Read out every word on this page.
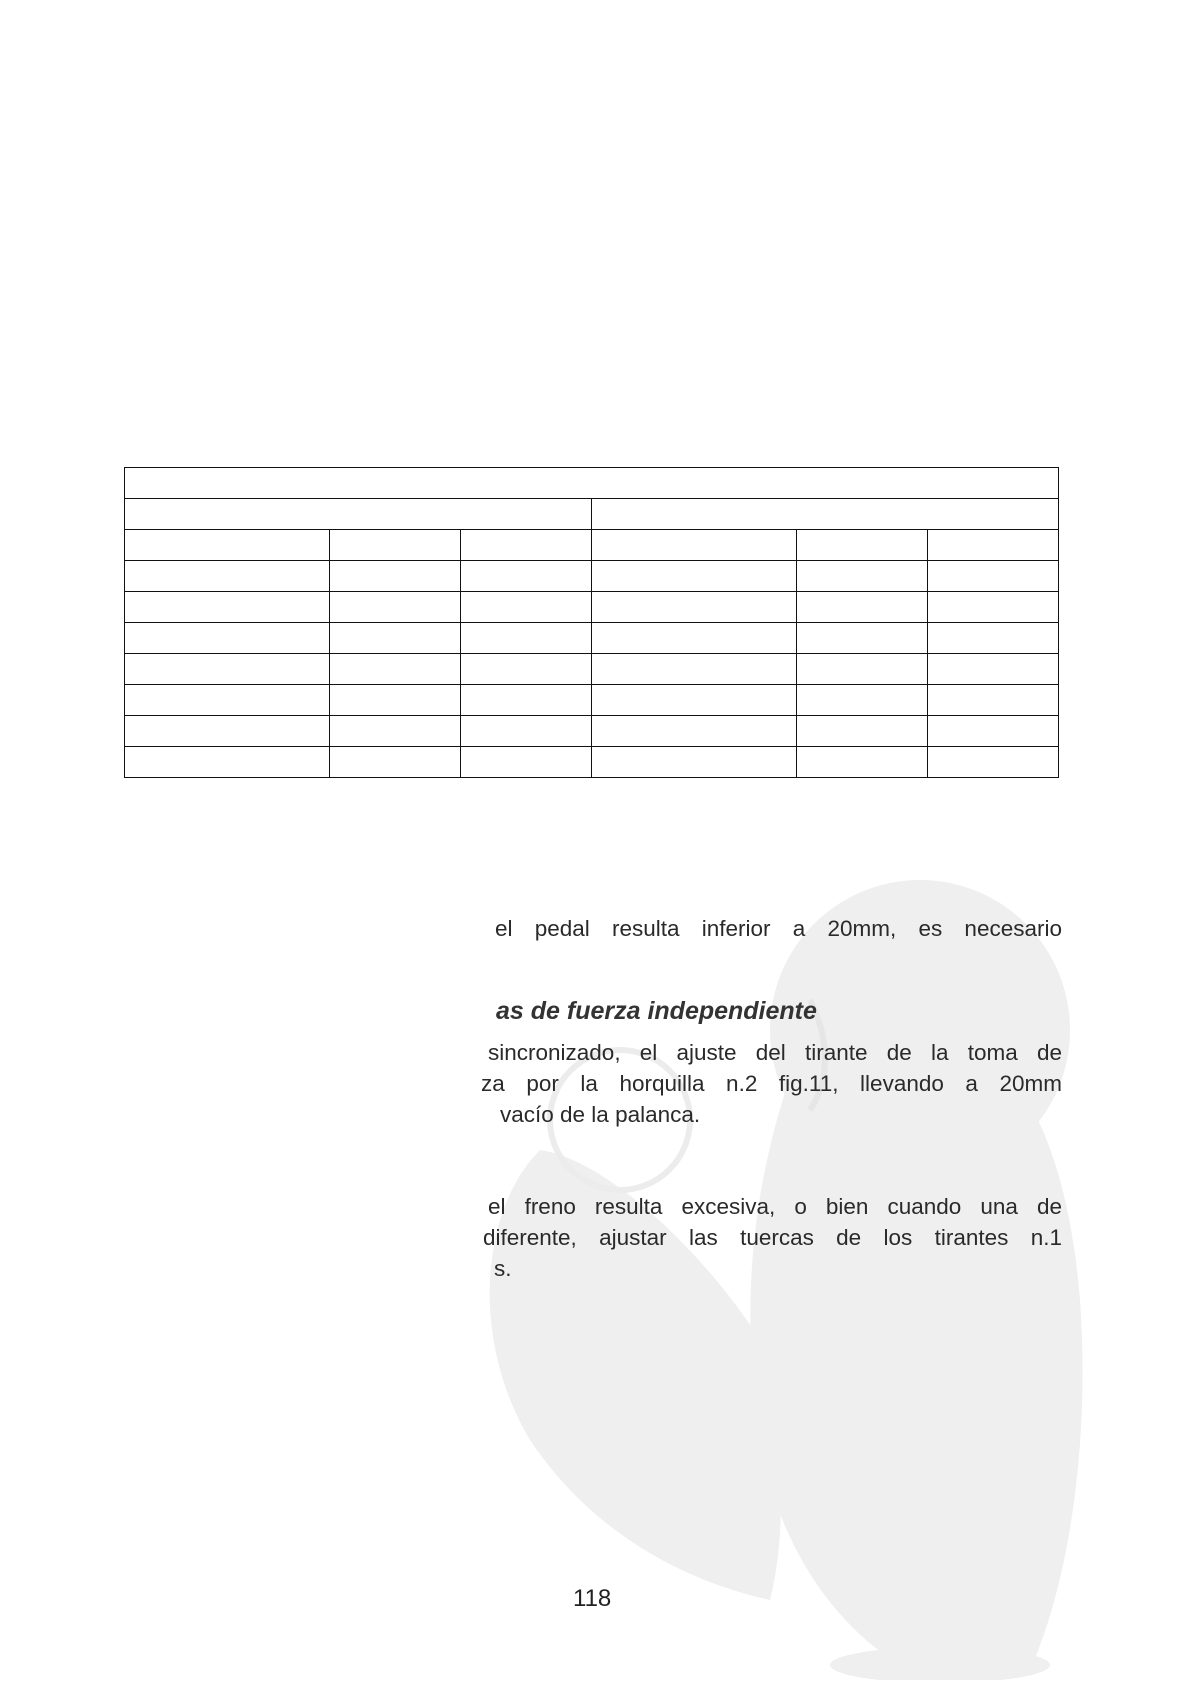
el pedal resulta inferior a 20mm, es necesario
as de fuerza independiente
sincronizado, el ajuste del tirante de la toma de
za por la horquilla n.2 fig.11, llevando a 20mm
vacío de la palanca.
el freno resulta excesiva, o bien cuando una de
diferente, ajustar las tuercas de los tirantes n.1
s.
118
